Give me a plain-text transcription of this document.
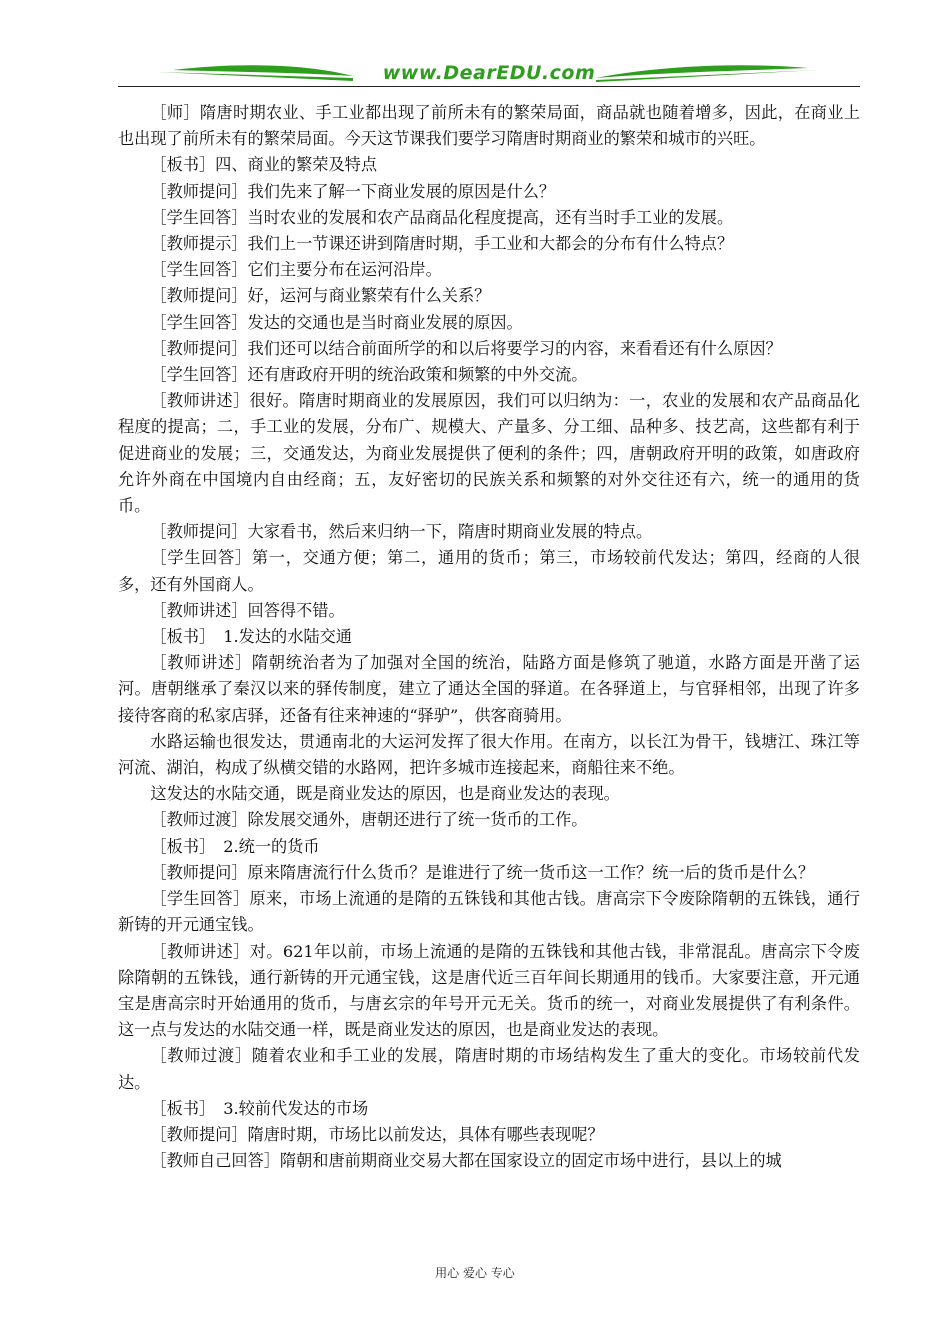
www.DearEDU.com

［师］隋唐时期农业、手工业都出现了前所未有的繁荣局面，商品就也随着增多，因此，在商业上也出现了前所未有的繁荣局面。今天这节课我们要学习隋唐时期商业的繁荣和城市的兴旺。

［板书］四、商业的繁荣及特点

［教师提问］我们先来了解一下商业发展的原因是什么？

［学生回答］当时农业的发展和农产品商品化程度提高，还有当时手工业的发展。

［教师提示］我们上一节课还讲到隋唐时期，手工业和大都会的分布有什么特点？

［学生回答］它们主要分布在运河沿岸。

［教师提问］好，运河与商业繁荣有什么关系？

［学生回答］发达的交通也是当时商业发展的原因。

［教师提问］我们还可以结合前面所学的和以后将要学习的内容，来看看还有什么原因？

［学生回答］还有唐政府开明的统治政策和频繁的中外交流。

［教师讲述］很好。隋唐时期商业的发展原因，我们可以归纳为：一，农业的发展和农产品商品化程度的提高；二，手工业的发展，分布广、规模大、产量多、分工细、品种多、技艺高，这些都有利于促进商业的发展；三，交通发达，为商业发展提供了便利的条件；四，唐朝政府开明的政策，如唐政府允许外商在中国境内自由经商；五，友好密切的民族关系和频繁的对外交往还有六，统一的通用的货币。

［教师提问］大家看书，然后来归纳一下，隋唐时期商业发展的特点。

［学生回答］第一，交通方便；第二，通用的货币；第三，市场较前代发达；第四，经商的人很多，还有外国商人。

［教师讲述］回答得不错。

［板书］　1.发达的水陆交通

［教师讲述］隋朝统治者为了加强对全国的统治，陆路方面是修筑了驰道，水路方面是开凿了运河。唐朝继承了秦汉以来的驿传制度，建立了通达全国的驿道。在各驿道上，与官驿相邻，出现了许多接待客商的私家店驿，还备有往来神速的“驿驴”，供客商骑用。

水路运输也很发达，贯通南北的大运河发挥了很大作用。在南方，以长江为骨干，钱塘江、珠江等河流、湖泊，构成了纵横交错的水路网，把许多城市连接起来，商船往来不绝。

这发达的水陆交通，既是商业发达的原因，也是商业发达的表现。

［教师过渡］除发展交通外，唐朝还进行了统一货币的工作。

［板书］　2.统一的货币

［教师提问］原来隋唐流行什么货币？是谁进行了统一货币这一工作？统一后的货币是什么？

［学生回答］原来，市场上流通的是隋的五铢钱和其他古钱。唐高宗下令废除隋朝的五铢钱，通行新铸的开元通宝钱。

［教师讲述］对。621年以前，市场上流通的是隋的五铢钱和其他古钱，非常混乱。唐高宗下令废除隋朝的五铢钱，通行新铸的开元通宝钱，这是唐代近三百年间长期通用的钱币。大家要注意，开元通宝是唐高宗时开始通用的货币，与唐玄宗的年号开元无关。货币的统一，对商业发展提供了有利条件。这一点与发达的水陆交通一样，既是商业发达的原因，也是商业发达的表现。

［教师过渡］随着农业和手工业的发展，隋唐时期的市场结构发生了重大的变化。市场较前代发达。

［板书］　3.较前代发达的市场

［教师提问］隋唐时期，市场比以前发达，具体有哪些表现呢？

［教师自己回答］隋朝和唐前期商业交易大都在国家设立的固定市场中进行，县以上的城

用心 爱心 专心
